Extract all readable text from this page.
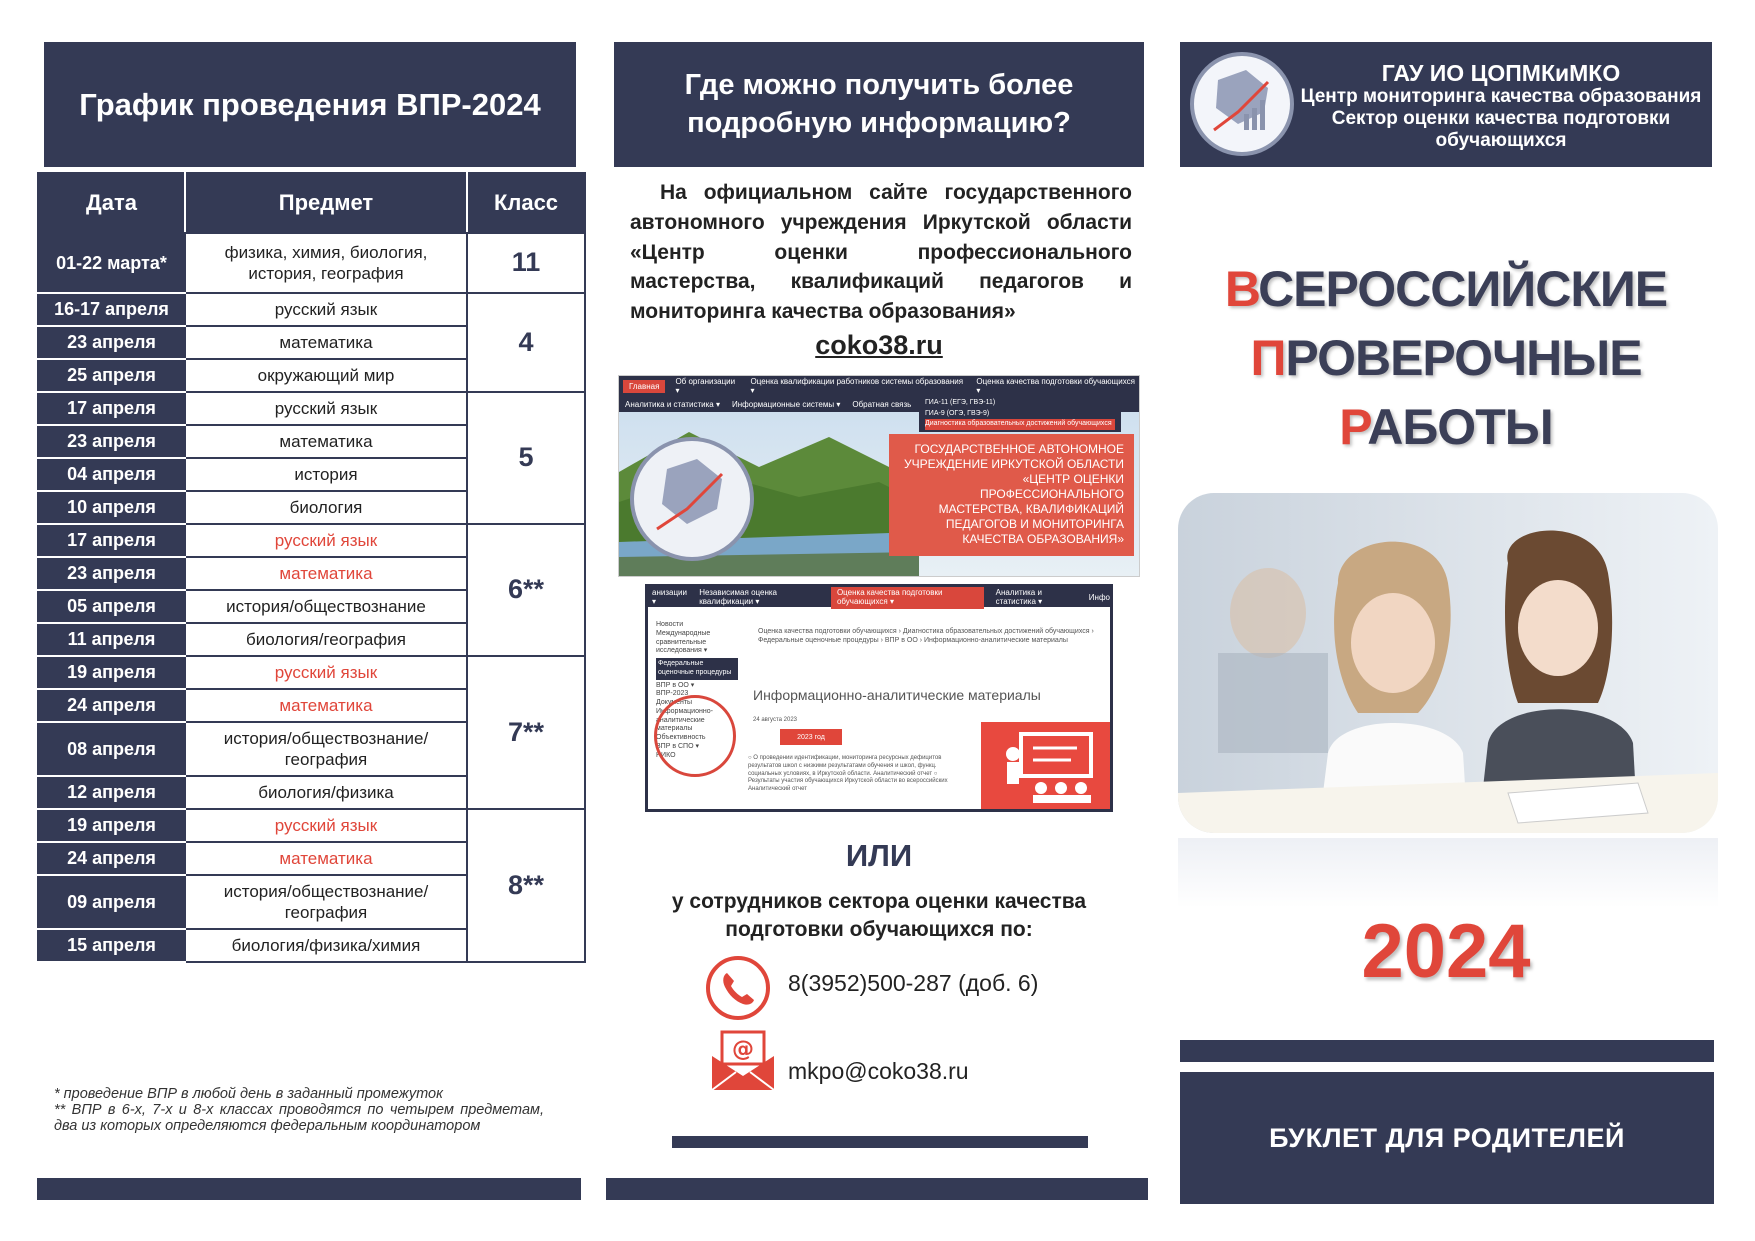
График проведения ВПР-2024
Дата	Предмет	Класс
01-22 марта*	физика, химия, биология, история, география	11
16-17 апреля	русский язык	4
23 апреля	математика	
25 апреля	окружающий мир	
17 апреля	русский язык	5
23 апреля	математика	
04 апреля	история	
10 апреля	биология	
17 апреля	русский язык	6**
23 апреля	математика	
05 апреля	история/обществознание	
11 апреля	биология/география	
19 апреля	русский язык	7**
24 апреля	математика	
08 апреля	история/обществознание/ география	
12 апреля	биология/физика	
19 апреля	русский язык	8**
24 апреля	математика	
09 апреля	история/обществознание/ география	
15 апреля	биология/физика/химия	
* проведение ВПР в любой день в заданный промежуток
** ВПР в 6-х, 7-х и 8-х классах проводятся по четырем предметам, два из которых определяются федеральным координатором
Где можно получить более подробную информацию?
На официальном сайте государственного автономного учреждения Иркутской области «Центр оценки профессионального мастерства, квалификаций педагогов и мониторинга качества образования»
coko38.ru
Главная	Об организации ▾
Оценка квалификации работников системы образования ▾
Оценка качества подготовки обучающихся ▾
Аналитика и статистика ▾ Информационные системы ▾ Обратная связь ГИА-11 (ЕГЭ, ГВЭ-11)
ГИА-9 (ОГЭ, ГВЭ-9)
Диагностика образовательных достижений обучающихся
ГОСУДАРСТВЕННОЕ АВТОНОМНОЕ УЧРЕЖДЕНИЕ ИРКУТСКОЙ ОБЛАСТИ «ЦЕНТР ОЦЕНКИ ПРОФЕССИОНАЛЬНОГО МАСТЕРСТВА, КВАЛИФИКАЦИЙ ПЕДАГОГОВ И МОНИТОРИНГА КАЧЕСТВА ОБРАЗОВАНИЯ»
анизации ▾
Независимая оценка квалификации ▾
Оценка качества подготовки обучающихся ▾
Аналитика и статистика ▾	Инфо
Новости
Международные сравнительные исследования ▾
Федеральные оценочные процедуры
ВПР в ОО ▾
ВПР-2023
Документы
Информационно-аналитические материалы
Объективность
ВПР в СПО ▾
НИКО
Оценка качества подготовки обучающихся › Диагностика образовательных достижений обучающихся › Федеральные оценочные процедуры › ВПР в ОО › Информационно-аналитические материалы
Информационно-аналитические материалы
24 августа 2023
2023 год
○ О проведении идентификации, мониторинга ресурсных дефицитов результатов школ с низкими результатами обучения и школ, функц. социальных условиях, в Иркутской области. Аналитический отчет ○ Результаты участия обучающихся Иркутской области во всероссийских Аналитический отчет
ИЛИ
у сотрудников сектора оценки качества подготовки обучающихся по:
8(3952)500-287 (доб. 6)
@
mkpo@coko38.ru
ГАУ ИО ЦОПМКиМКО
Центр мониторинга качества образования
Сектор оценки качества подготовки обучающихся
ВСЕРОССИЙСКИЕ
ПРОВЕРОЧНЫЕ
РАБОТЫ
2024
БУКЛЕТ ДЛЯ РОДИТЕЛЕЙ
